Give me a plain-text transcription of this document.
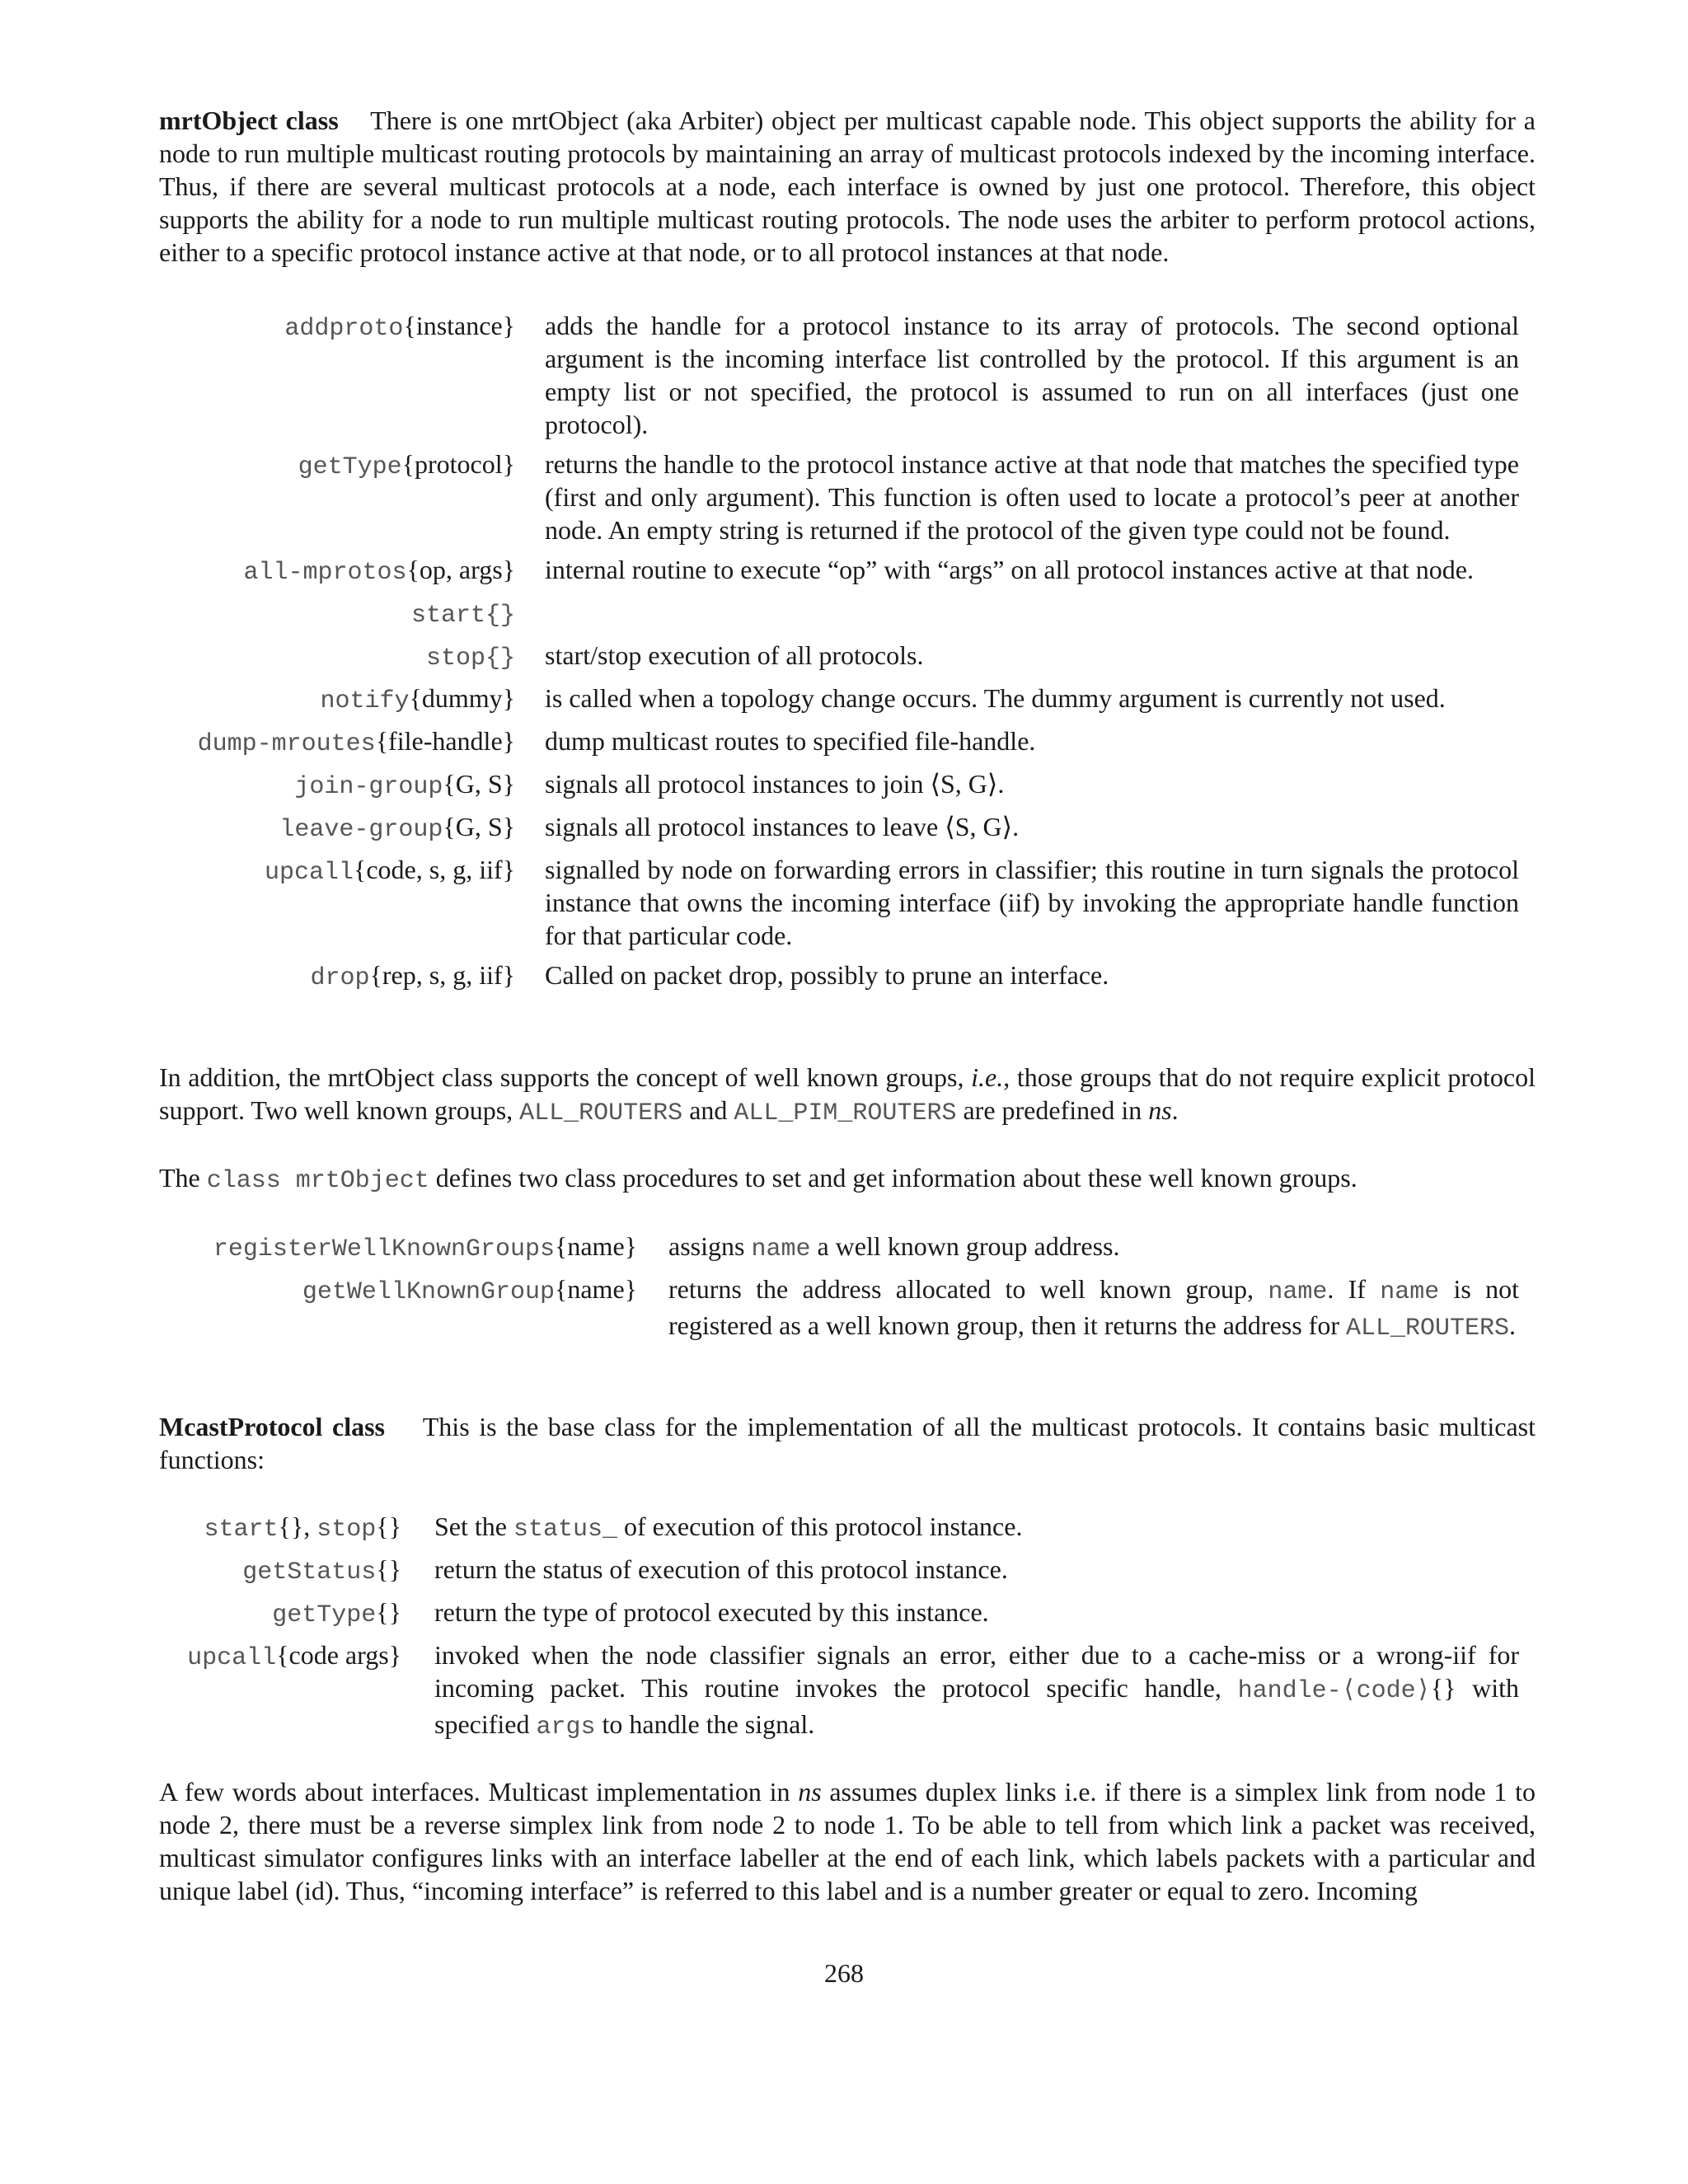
mrtObject class There is one mrtObject (aka Arbiter) object per multicast capable node. This object supports the ability for a node to run multiple multicast routing protocols by maintaining an array of multicast protocols indexed by the incoming interface. Thus, if there are several multicast protocols at a node, each interface is owned by just one protocol. Therefore, this object supports the ability for a node to run multiple multicast routing protocols. The node uses the arbiter to perform protocol actions, either to a specific protocol instance active at that node, or to all protocol instances at that node.

addproto{instance} adds the handle for a protocol instance to its array of protocols. The second optional argument is the incoming interface list controlled by the protocol. If this argument is an empty list or not specified, the protocol is assumed to run on all interfaces (just one protocol).
getType{protocol} returns the handle to the protocol instance active at that node that matches the specified type (first and only argument). This function is often used to locate a protocol’s peer at another node. An empty string is returned if the protocol of the given type could not be found.
all-mprotos{op, args} internal routine to execute “op” with “args” on all protocol instances active at that node.
start{}
stop{} start/stop execution of all protocols.
notify{dummy} is called when a topology change occurs. The dummy argument is currently not used.
dump-mroutes{file-handle} dump multicast routes to specified file-handle.
join-group{G, S} signals all protocol instances to join ⟨S, G⟩.
leave-group{G, S} signals all protocol instances to leave ⟨S, G⟩.
upcall{code, s, g, iif} signalled by node on forwarding errors in classifier; this routine in turn signals the protocol instance that owns the incoming interface (iif) by invoking the appropriate handle function for that particular code.
drop{rep, s, g, iif} Called on packet drop, possibly to prune an interface.

In addition, the mrtObject class supports the concept of well known groups, i.e., those groups that do not require explicit protocol support. Two well known groups, ALL_ROUTERS and ALL_PIM_ROUTERS are predefined in ns.

The class mrtObject defines two class procedures to set and get information about these well known groups.

registerWellKnownGroups{name} assigns name a well known group address.
getWellKnownGroup{name} returns the address allocated to well known group, name. If name is not registered as a well known group, then it returns the address for ALL_ROUTERS.

McastProtocol class This is the base class for the implementation of all the multicast protocols. It contains basic multicast functions:

start{}, stop{} Set the status_ of execution of this protocol instance.
getStatus{} return the status of execution of this protocol instance.
getType{} return the type of protocol executed by this instance.
upcall{code args} invoked when the node classifier signals an error, either due to a cache-miss or a wrong-iif for incoming packet. This routine invokes the protocol specific handle, handle-⟨code⟩{} with specified args to handle the signal.

A few words about interfaces. Multicast implementation in ns assumes duplex links i.e. if there is a simplex link from node 1 to node 2, there must be a reverse simplex link from node 2 to node 1. To be able to tell from which link a packet was received, multicast simulator configures links with an interface labeller at the end of each link, which labels packets with a particular and unique label (id). Thus, “incoming interface” is referred to this label and is a number greater or equal to zero. Incoming

268
